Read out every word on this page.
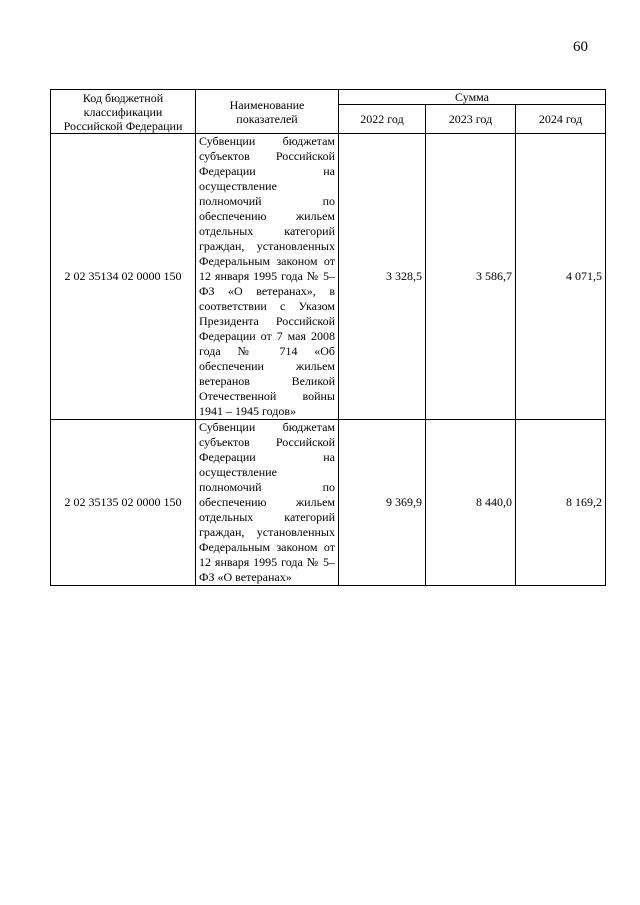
60
Код бюджетной классификации Российской Федерации	Наименование показателей	Сумма		
		2022 год	2023 год	2024 год
2 02 35134 02 0000 150	Субвенции бюджетам субъектов Российской Федерации на осуществление полномочий по обеспечению жильем отдельных категорий граждан, установленных Федеральным законом от 12 января 1995 года № 5–ФЗ «О ветеранах», в соответствии с Указом Президента Российской Федерации от 7 мая 2008 года № 714 «Об обеспечении жильем ветеранов Великой Отечественной войны 1941 – 1945 годов»	3 328,5	3 586,7	4 071,5
2 02 35135 02 0000 150	Субвенции бюджетам субъектов Российской Федерации на осуществление полномочий по обеспечению жильем отдельных категорий граждан, установленных Федеральным законом от 12 января 1995 года № 5–ФЗ «О ветеранах»	9 369,9	8 440,0	8 169,2
